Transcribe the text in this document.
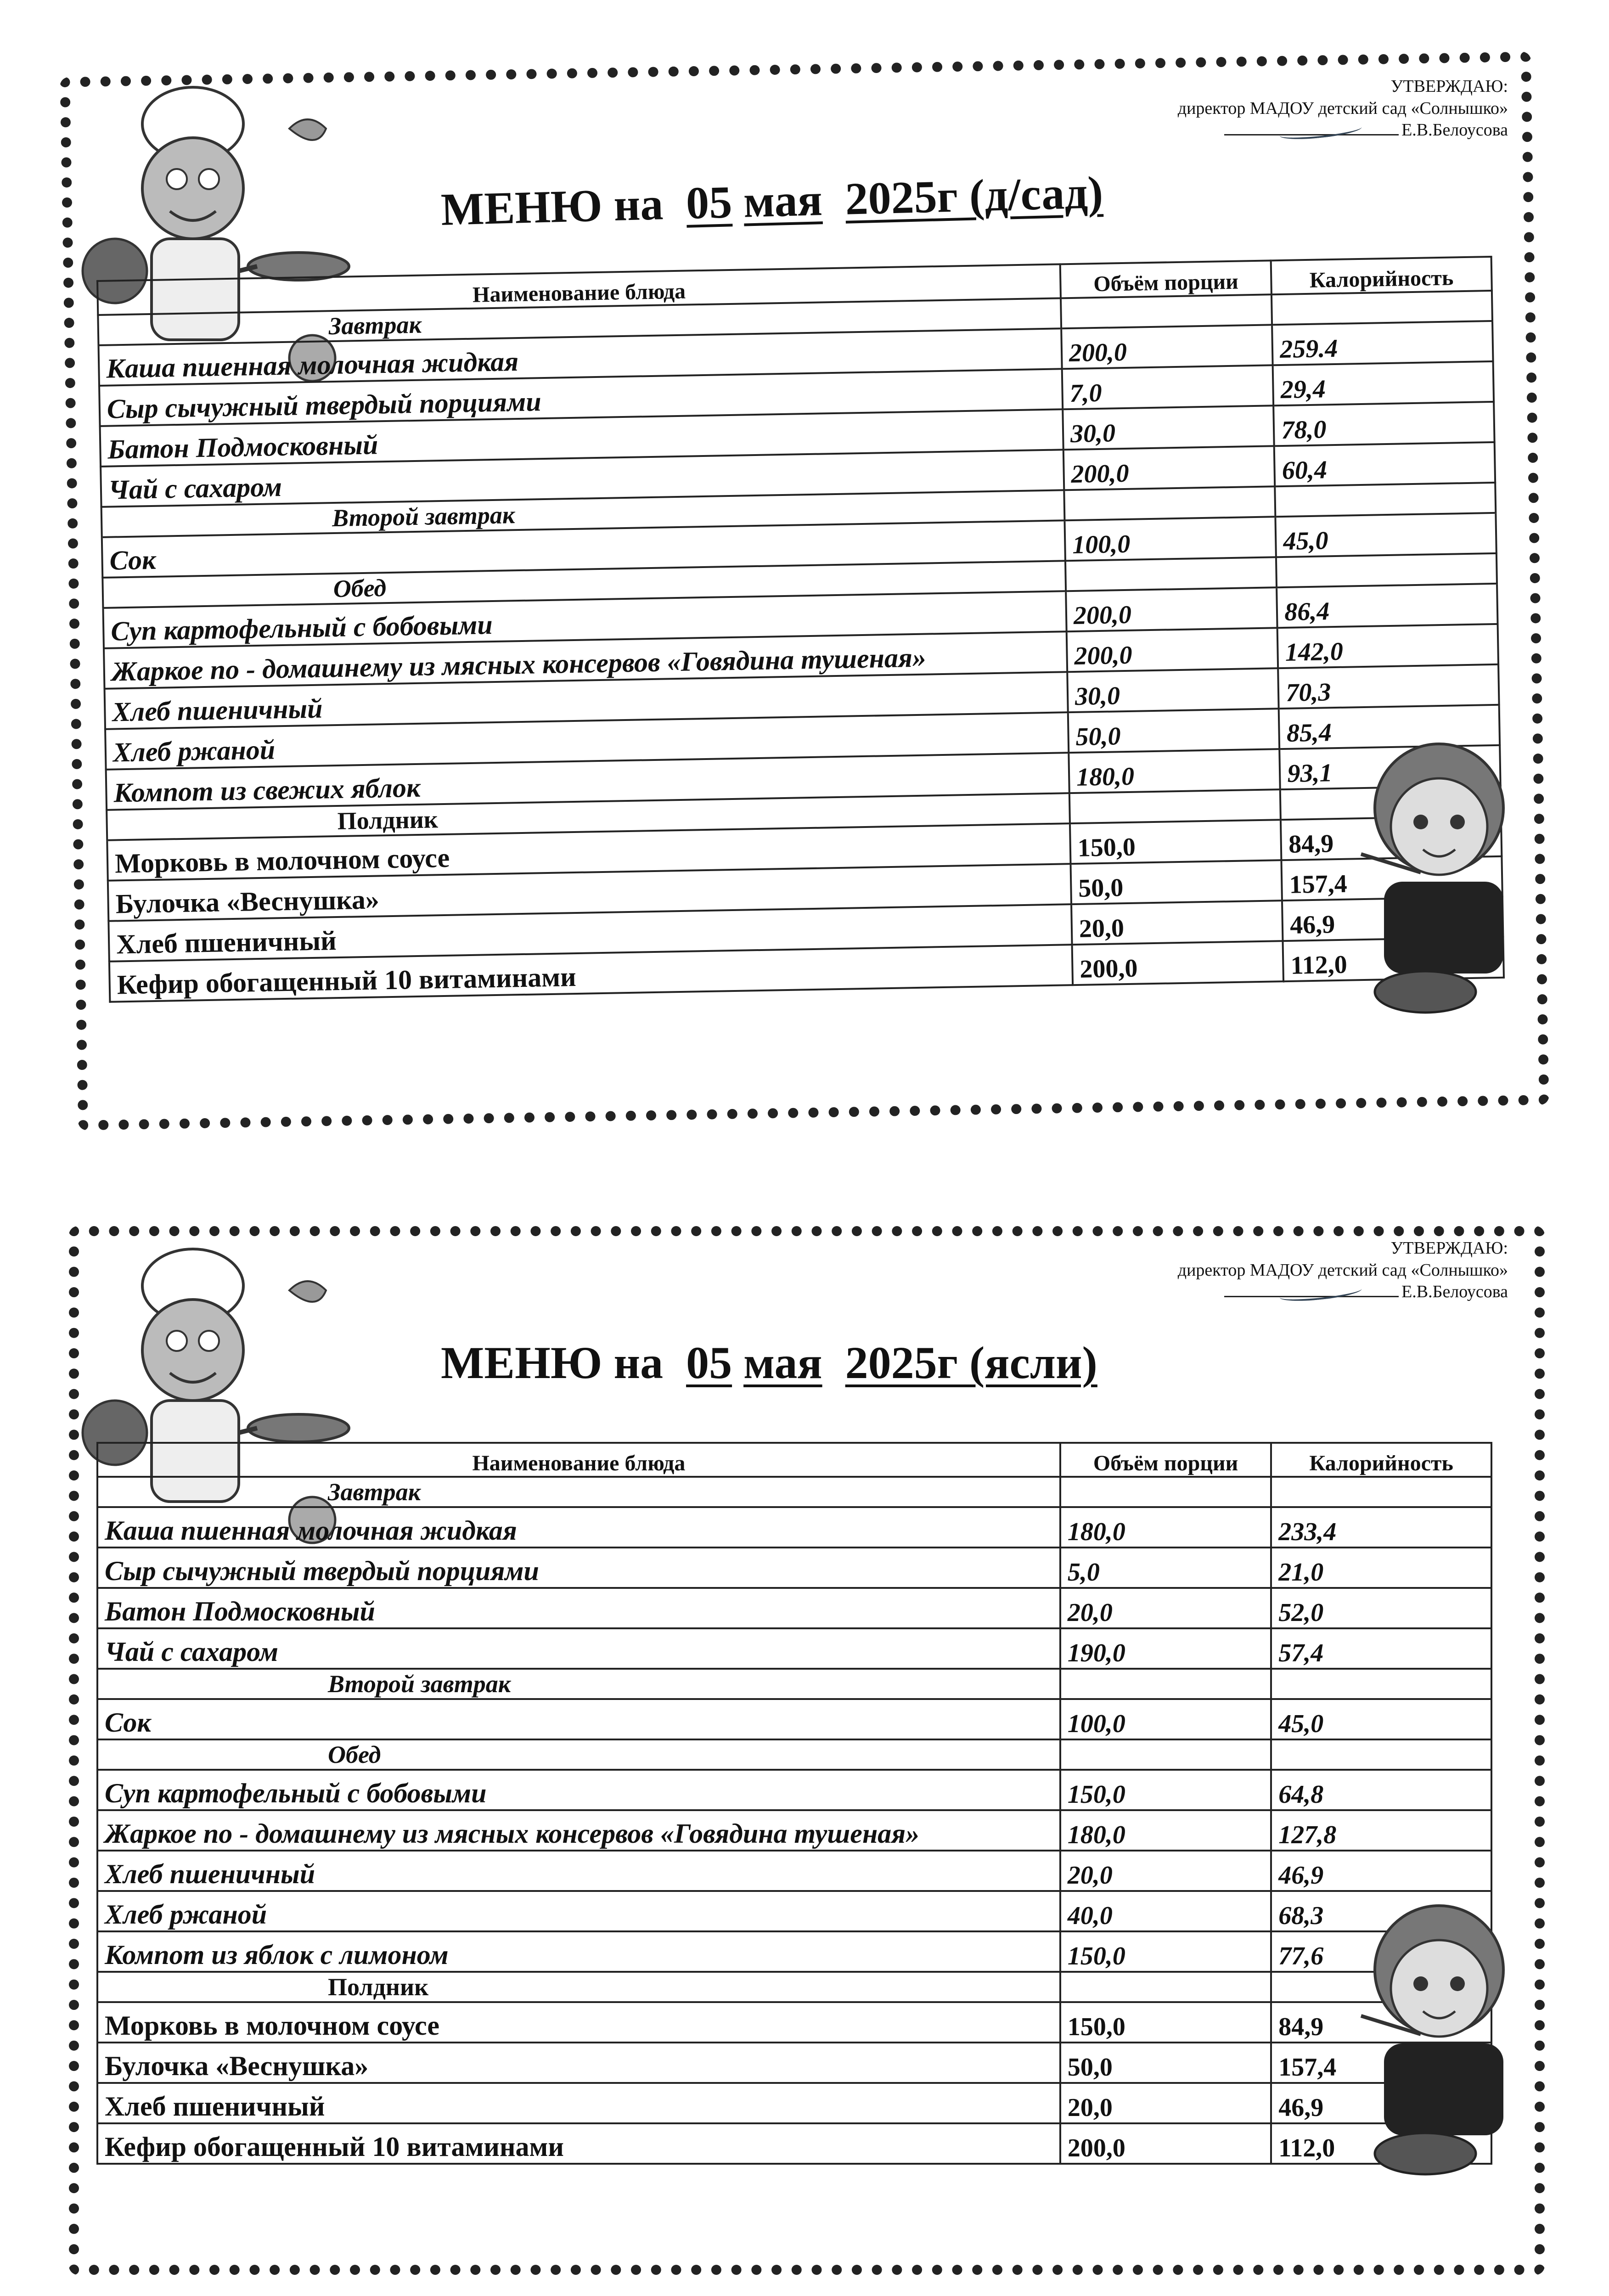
УТВЕРЖДАЮ:
директор МАДОУ детский сад «Солнышко»
Е.В.Белоусова
МЕНЮ на 05 мая 2025г (д/сад)
Наименование блюда	Объём порции	Калорийность
Завтрак		
Каша пшенная молочная жидкая	200,0	259.4
Сыр сычужный твердый порциями	7,0	29,4
Батон Подмосковный	30,0	78,0
Чай с сахаром	200,0	60,4
Второй завтрак		
Сок	100,0	45,0
Обед		
Суп картофельный с бобовыми	200,0	86,4
Жаркое по - домашнему из мясных консервов «Говядина тушеная»	200,0	142,0
Хлеб пшеничный	30,0	70,3
Хлеб ржаной	50,0	85,4
Компот из свежих яблок	180,0	93,1
Полдник		
Морковь в молочном соусе	150,0	84,9
Булочка «Веснушка»	50,0	157,4
Хлеб пшеничный	20,0	46,9
Кефир обогащенный 10 витаминами	200,0	112,0
УТВЕРЖДАЮ:
директор МАДОУ детский сад «Солнышко»
Е.В.Белоусова
МЕНЮ на 05 мая 2025г (ясли)
Наименование блюда	Объём порции	Калорийность
Завтрак		
Каша пшенная молочная жидкая	180,0	233,4
Сыр сычужный твердый порциями	5,0	21,0
Батон Подмосковный	20,0	52,0
Чай с сахаром	190,0	57,4
Второй завтрак		
Сок	100,0	45,0
Обед		
Суп картофельный с бобовыми	150,0	64,8
Жаркое по - домашнему из мясных консервов «Говядина тушеная»	180,0	127,8
Хлеб пшеничный	20,0	46,9
Хлеб ржаной	40,0	68,3
Компот из яблок с лимоном	150,0	77,6
Полдник		
Морковь в молочном соусе	150,0	84,9
Булочка «Веснушка»	50,0	157,4
Хлеб пшеничный	20,0	46,9
Кефир обогащенный 10 витаминами	200,0	112,0
